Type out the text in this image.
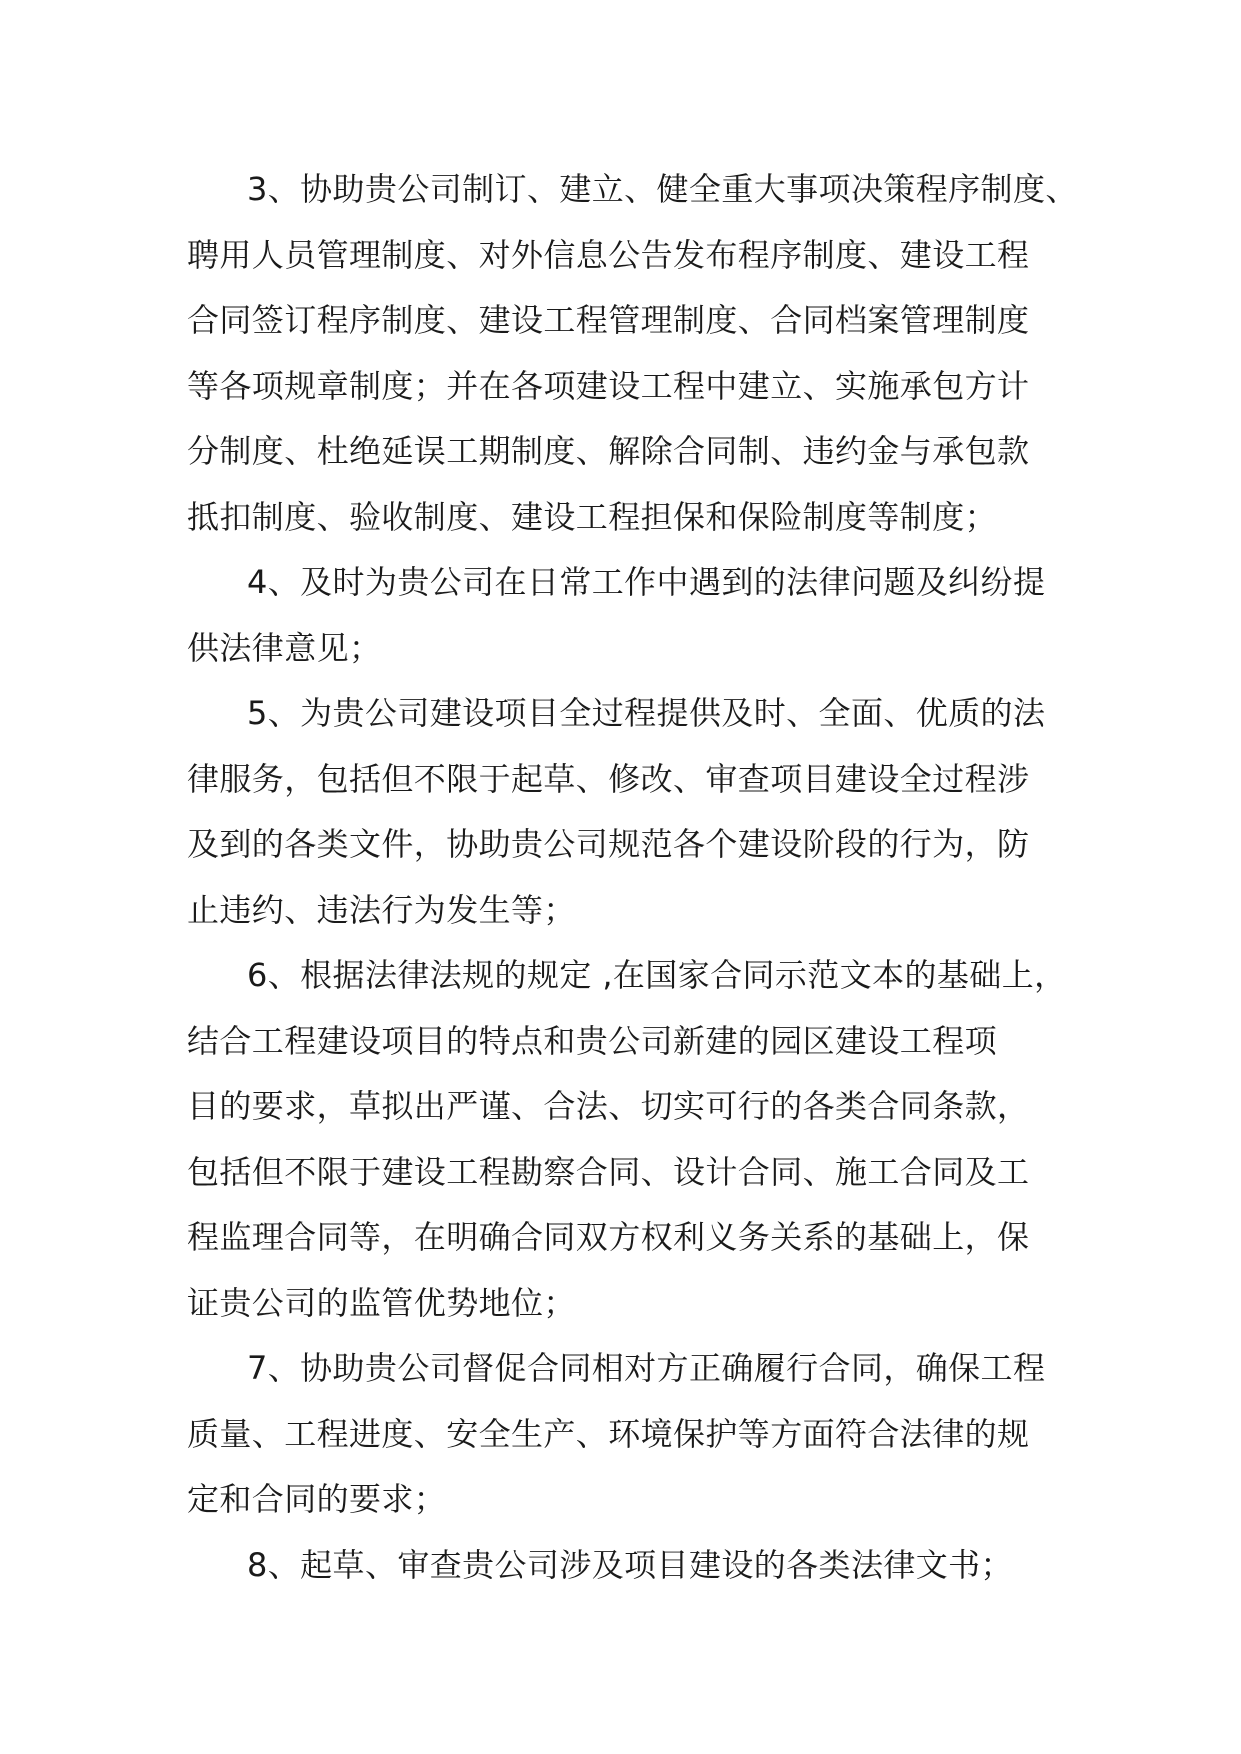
3、协助贵公司制订、建立、健全重大事项决策程序制度、
聘用人员管理制度、对外信息公告发布程序制度、建设工程
合同签订程序制度、建设工程管理制度、合同档案管理制度
等各项规章制度；并在各项建设工程中建立、实施承包方计
分制度、杜绝延误工期制度、解除合同制、违约金与承包款
抵扣制度、验收制度、建设工程担保和保险制度等制度；
4、及时为贵公司在日常工作中遇到的法律问题及纠纷提
供法律意见；
5、为贵公司建设项目全过程提供及时、全面、优质的法
律服务，包括但不限于起草、修改、审查项目建设全过程涉
及到的各类文件，协助贵公司规范各个建设阶段的行为，防
止违约、违法行为发生等；
6、根据法律法规的规定 ,在国家合同示范文本的基础上，
结合工程建设项目的特点和贵公司新建的园区建设工程项
目的要求，草拟出严谨、合法、切实可行的各类合同条款，
包括但不限于建设工程勘察合同、设计合同、施工合同及工
程监理合同等，在明确合同双方权利义务关系的基础上，保
证贵公司的监管优势地位；
7、协助贵公司督促合同相对方正确履行合同，确保工程
质量、工程进度、安全生产、环境保护等方面符合法律的规
定和合同的要求；
8、起草、审查贵公司涉及项目建设的各类法律文书；
